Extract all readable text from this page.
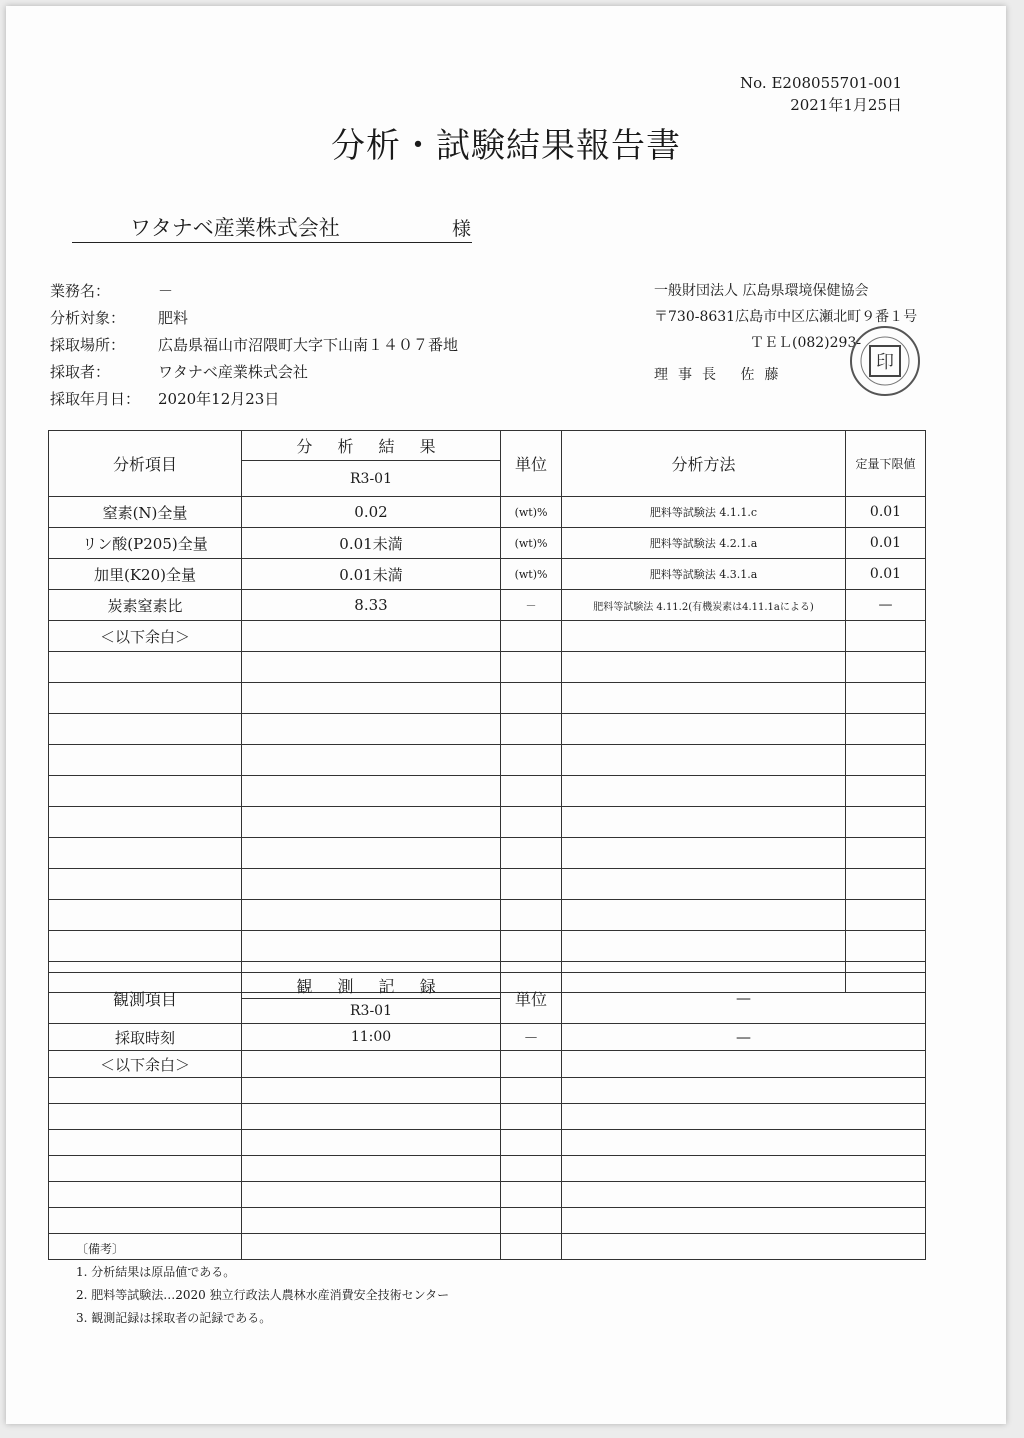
No. E208055701-001
2021年1月25日
分析・試験結果報告書
ワタナベ産業株式会社	様
業務名：	－
分析対象：	肥料
採取場所：	広島県福山市沼隈町大字下山南１４０７番地
採取者：	ワタナベ産業株式会社
採取年月日：	2020年12月23日
一般財団法人 広島県環境保健協会
〒730-8631広島市中区広瀬北町９番１号
ＴＥＬ(082)293-
理事長 佐藤
印
分析項目	分 析 結 果	単位	分析方法	定量下限値
	R3-01			
窒素(N)全量	0.02	(wt)%	肥料等試験法 4.1.1.c	0.01
リン酸(P205)全量	0.01未満	(wt)%	肥料等試験法 4.2.1.a	0.01
加里(K20)全量	0.01未満	(wt)%	肥料等試験法 4.3.1.a	0.01
炭素窒素比	8.33	－	肥料等試験法 4.11.2(有機炭素は4.11.1aによる)	—
＜以下余白＞				

観測項目	観 測 記 録	単位	—
	R3-01		
採取時刻	11:00	－	—
＜以下余白＞			

〔備考〕
1. 分析結果は原品値である。
2. 肥料等試験法…2020 独立行政法人農林水産消費安全技術センター
3. 観測記録は採取者の記録である。
